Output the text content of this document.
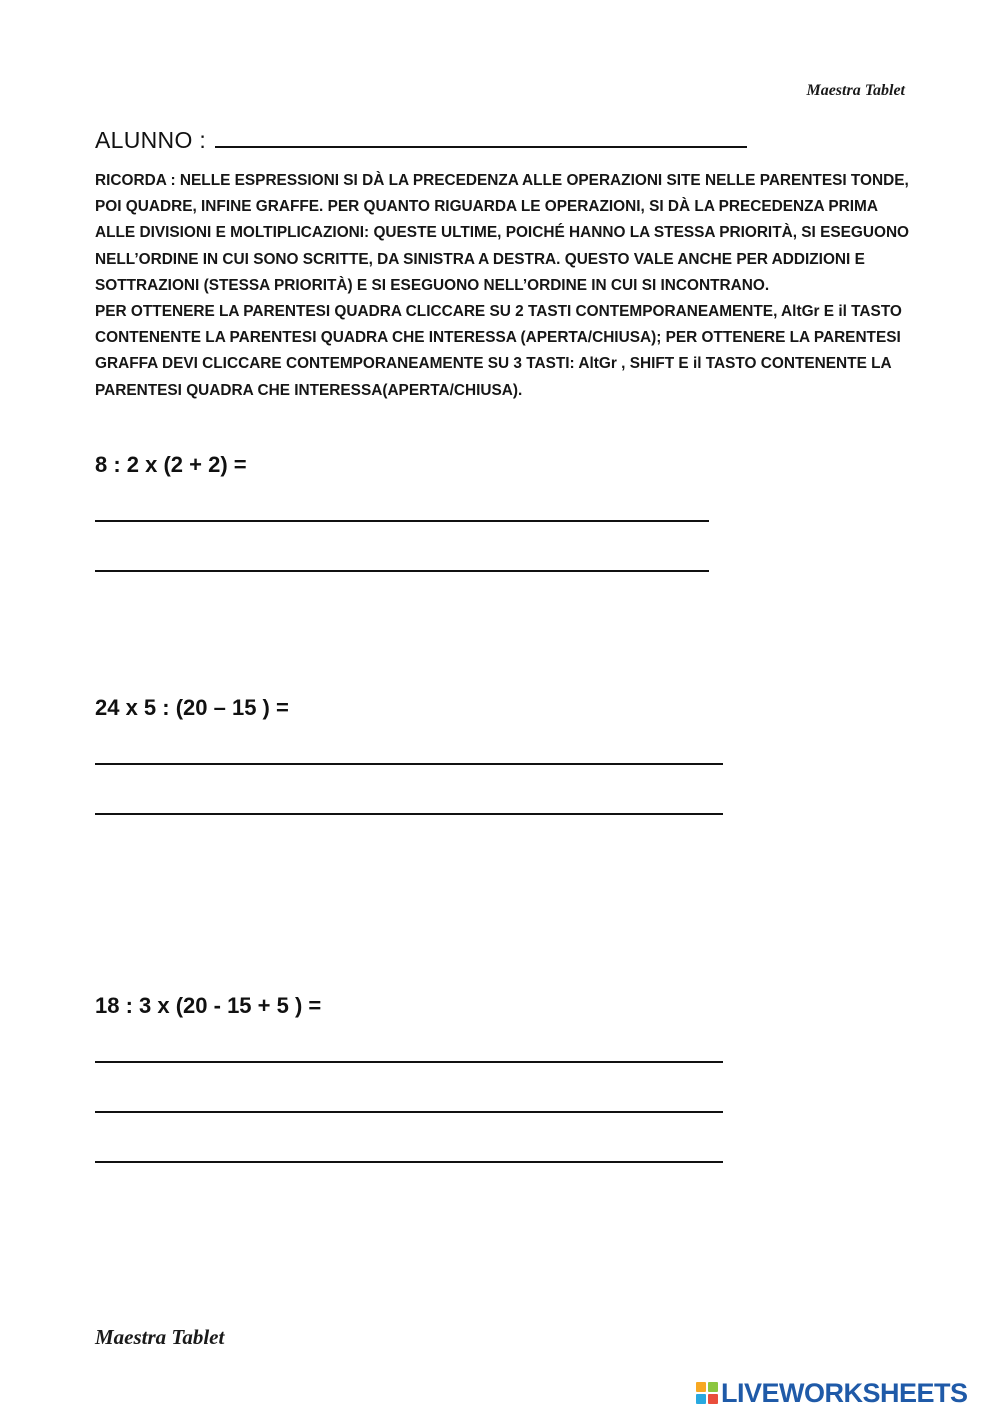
Maestra Tablet
ALUNNO :

RICORDA : NELLE ESPRESSIONI SI DÀ LA PRECEDENZA ALLE OPERAZIONI SITE NELLE PARENTESI TONDE, POI QUADRE, INFINE GRAFFE. PER QUANTO RIGUARDA LE OPERAZIONI, SI DÀ LA PRECEDENZA PRIMA ALLE DIVISIONI E MOLTIPLICAZIONI: QUESTE ULTIME, POICHÉ HANNO LA STESSA PRIORITÀ, SI ESEGUONO NELL’ORDINE IN CUI SONO SCRITTE, DA SINISTRA A DESTRA. QUESTO VALE ANCHE PER ADDIZIONI E SOTTRAZIONI (STESSA PRIORITÀ) E SI ESEGUONO NELL’ORDINE IN CUI SI INCONTRANO.

PER OTTENERE LA PARENTESI QUADRA CLICCARE SU 2 TASTI CONTEMPORANEAMENTE, AltGr E il TASTO CONTENENTE LA PARENTESI QUADRA CHE INTERESSA (APERTA/CHIUSA); PER OTTENERE LA PARENTESI GRAFFA DEVI CLICCARE CONTEMPORANEAMENTE SU 3 TASTI: AltGr , SHIFT E il TASTO CONTENENTE LA PARENTESI QUADRA CHE INTERESSA(APERTA/CHIUSA).

8 : 2 x (2 + 2) =

24 x 5 : (20 – 15 ) =

18 : 3 x (20 - 15 + 5 ) =

Maestra Tablet
LIVEWORKSHEETS
